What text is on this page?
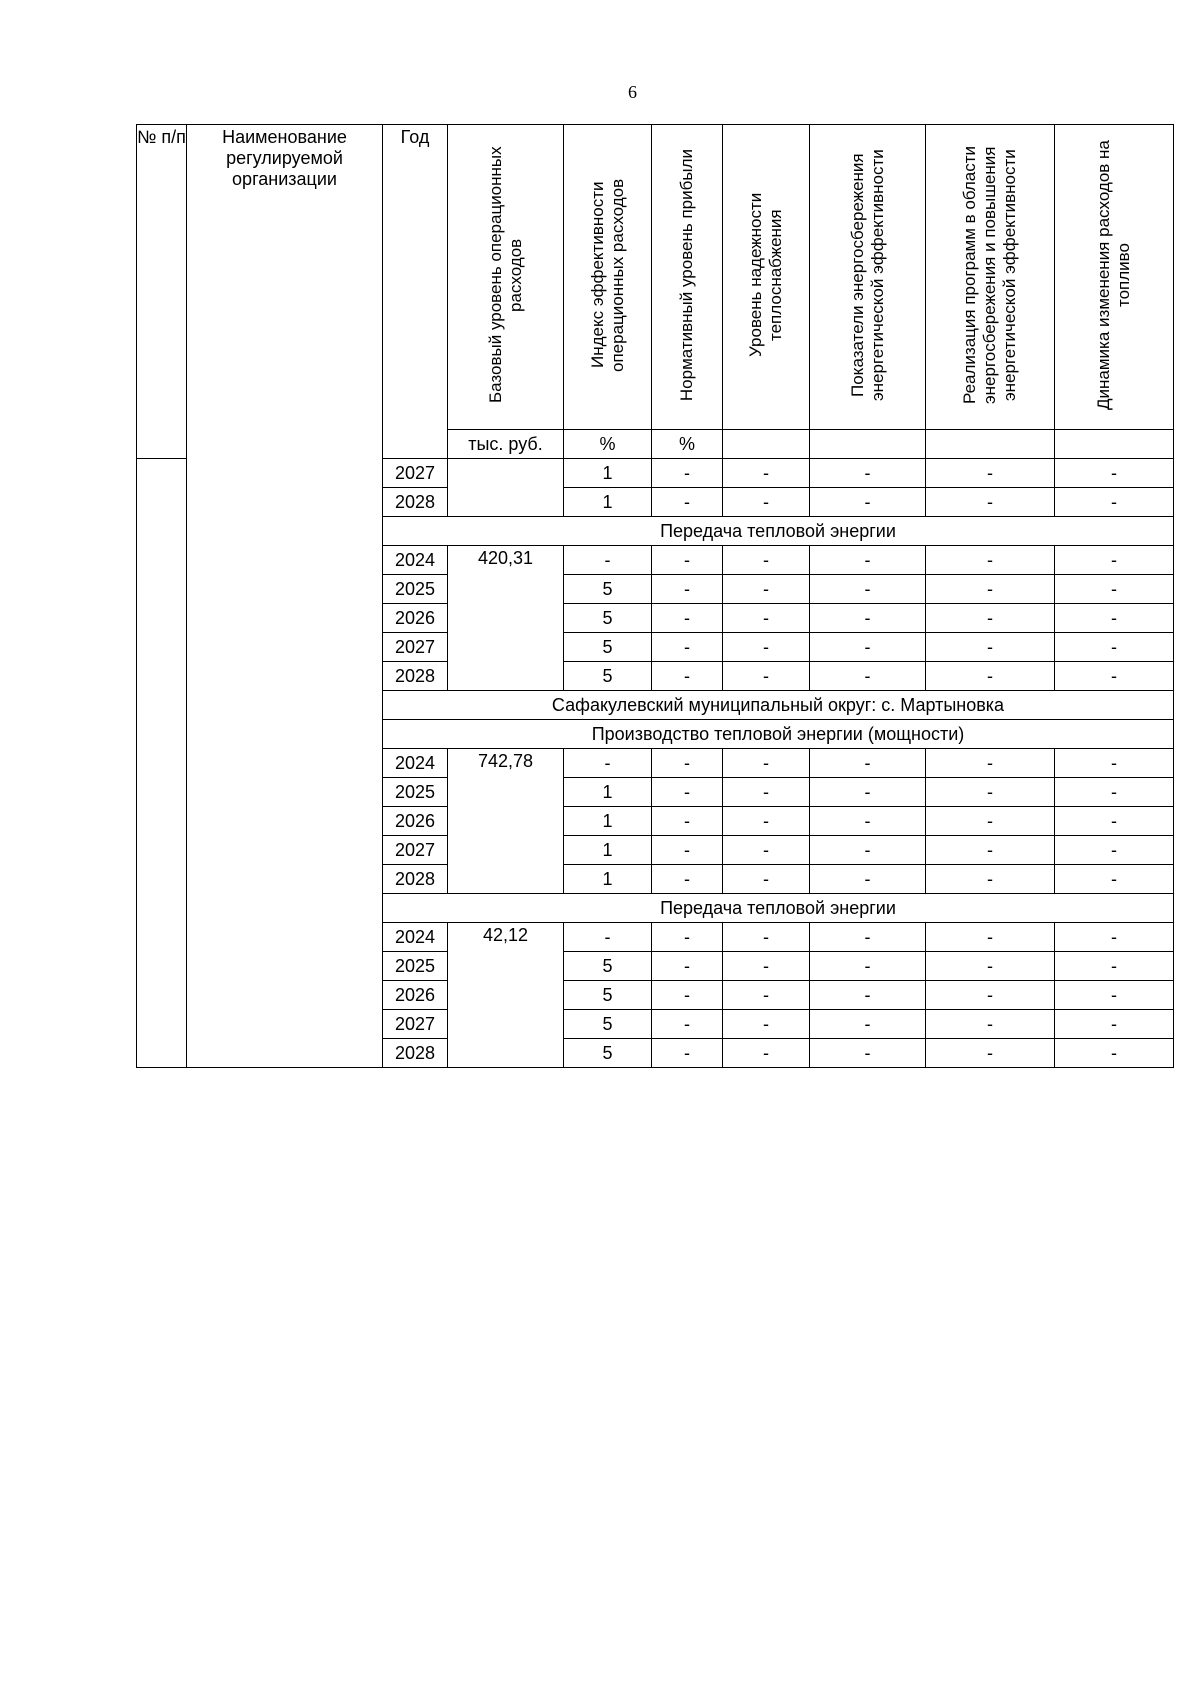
6
№ п/п	Наименование регулируемой организации	Год	Базовый уровень операционных расходов	Индекс эффективности операционных расходов	Нормативный уровень прибыли	Уровень надежности теплоснабжения	Показатели энергосбережения энергетической эффективности	Реализация программ в области энергосбережения и повышения энергетической эффективности	Динамика изменения расходов на топливо

			тыс. руб.	%	%				
		2027		1	-	-	-	-	-
		2028		1	-	-	-	-	-
		Передача тепловой энергии							
		2024	420,31	-	-	-	-	-	-
		2025		5	-	-	-	-	-
		2026		5	-	-	-	-	-
		2027		5	-	-	-	-	-
		2028		5	-	-	-	-	-
		Сафакулевский муниципальный округ: с. Мартыновка							
		Производство тепловой энергии (мощности)							
		2024	742,78	-	-	-	-	-	-
		2025		1	-	-	-	-	-
		2026		1	-	-	-	-	-
		2027		1	-	-	-	-	-
		2028		1	-	-	-	-	-
		Передача тепловой энергии							
		2024	42,12	-	-	-	-	-	-
		2025		5	-	-	-	-	-
		2026		5	-	-	-	-	-
		2027		5	-	-	-	-	-
		2028		5	-	-	-	-	-
